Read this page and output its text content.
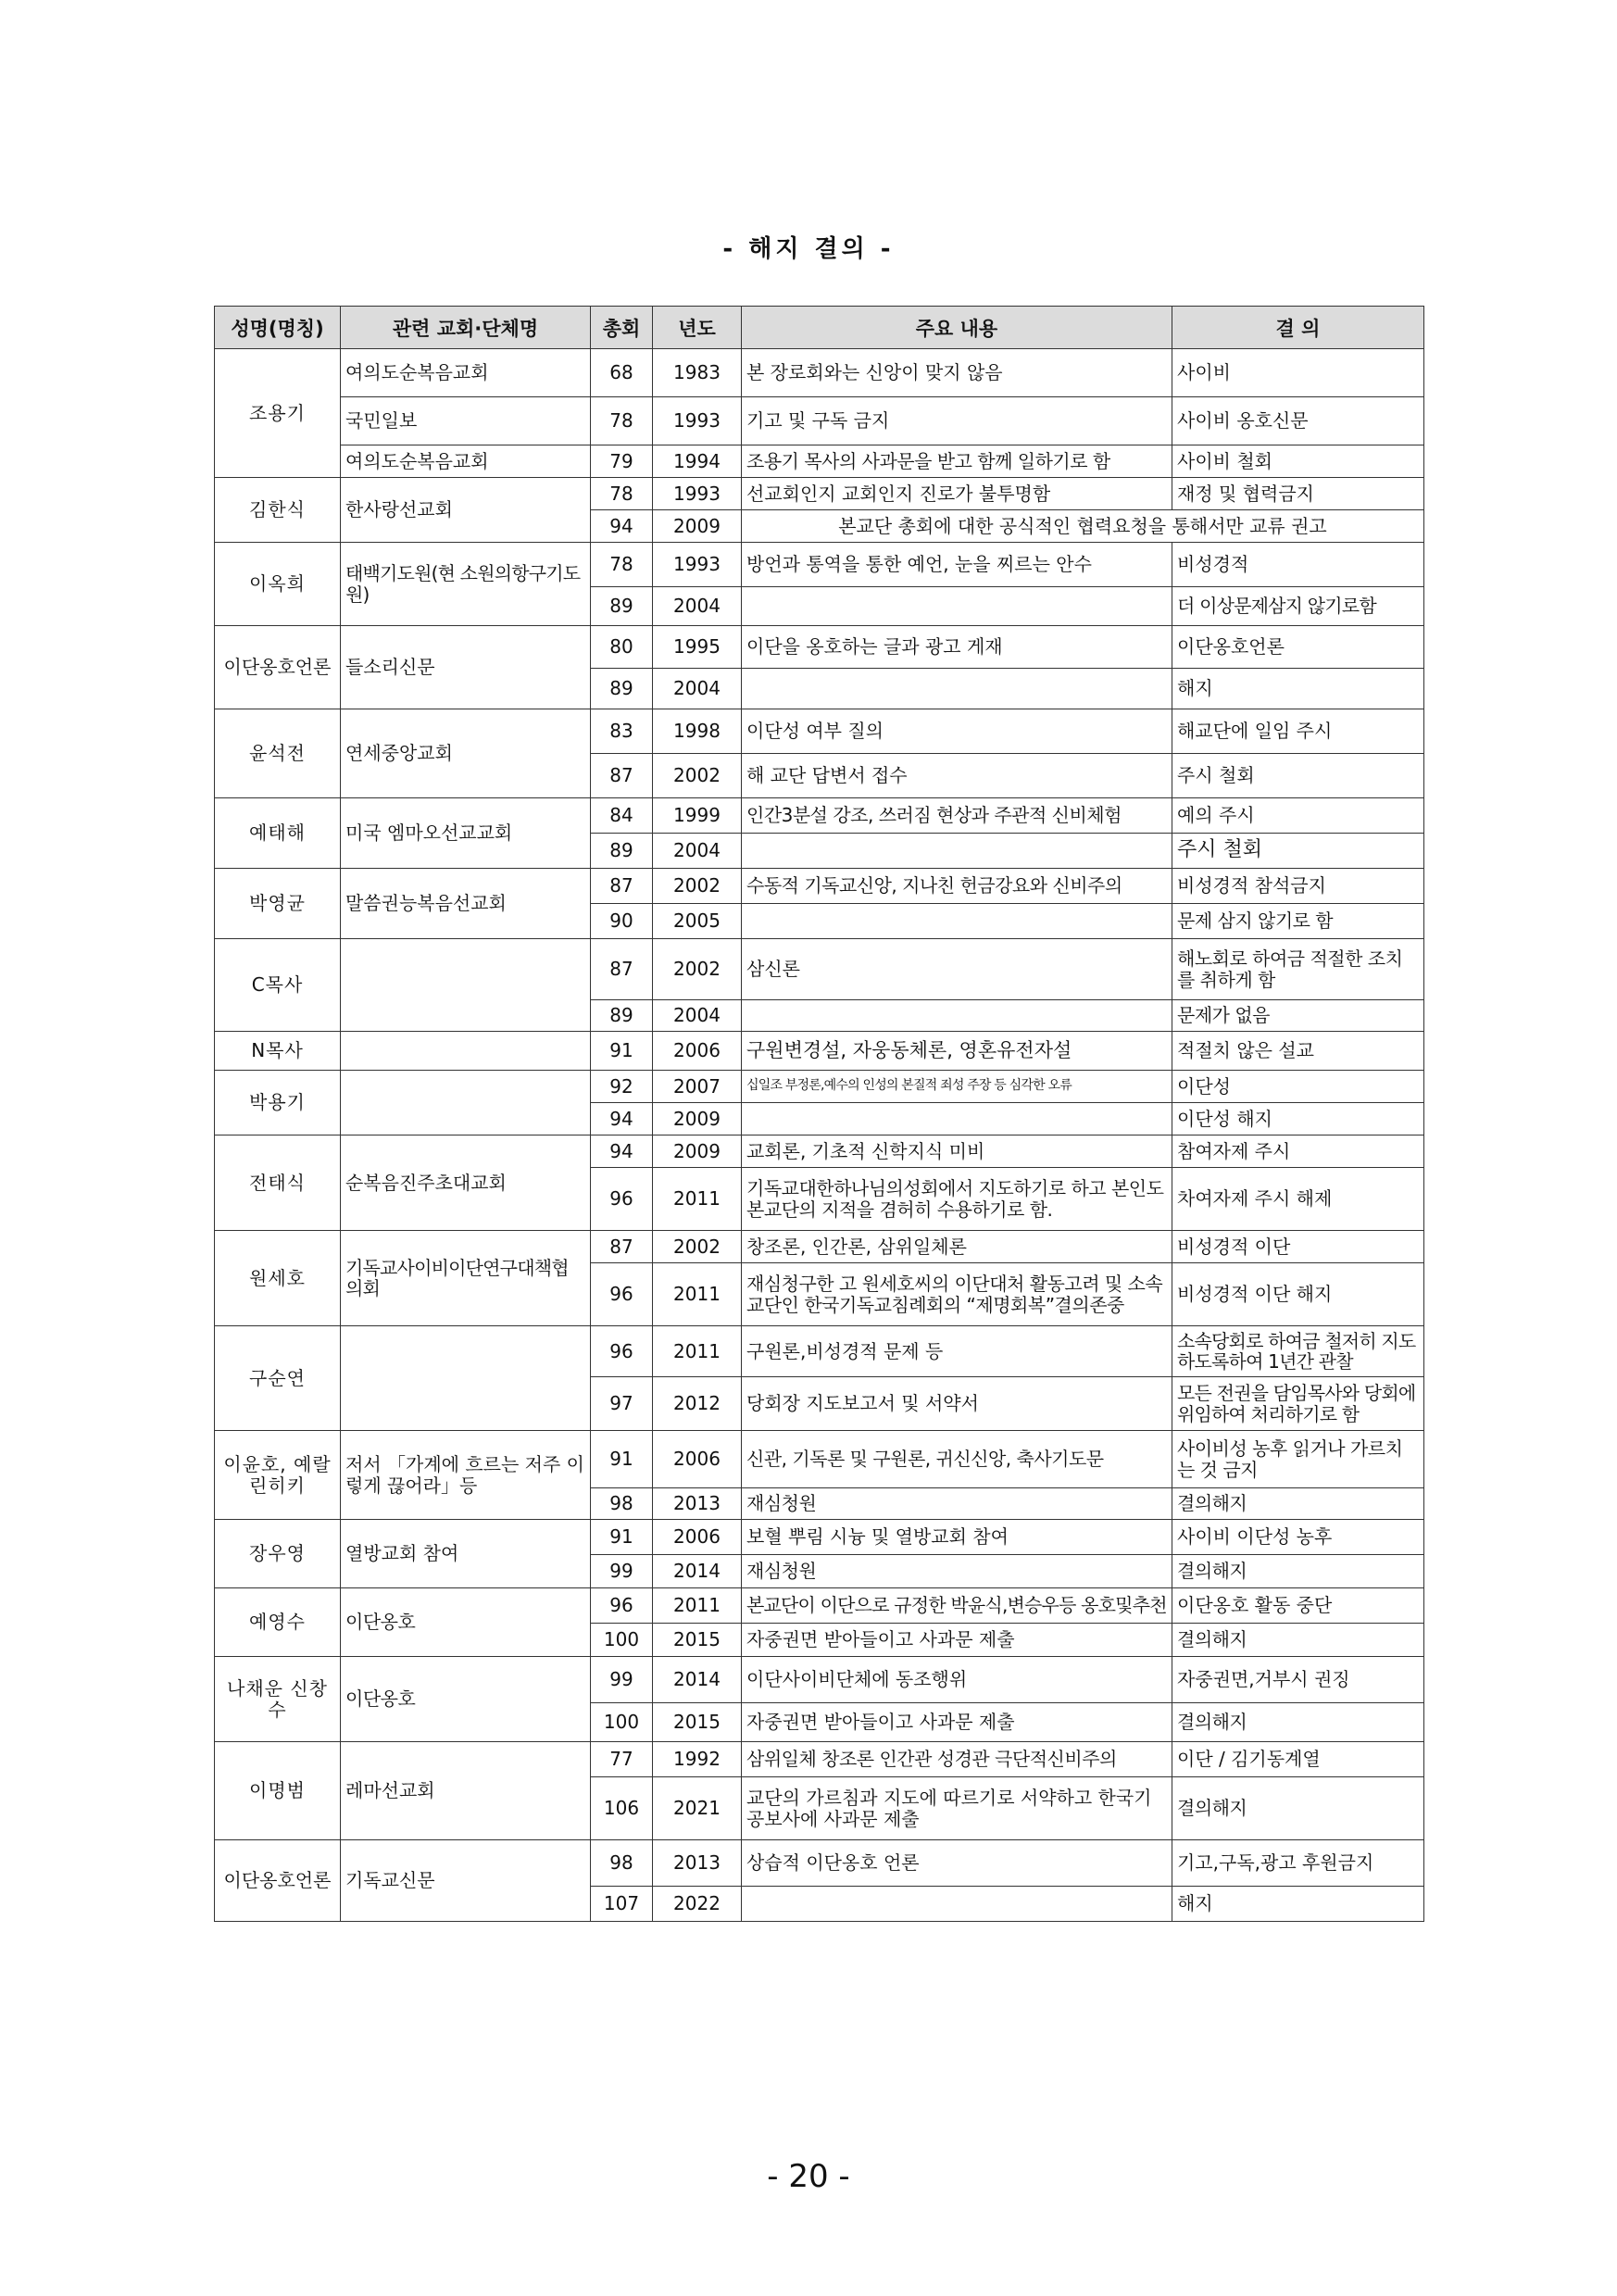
- 해지 결의 -
성명(명칭)	관련 교회·단체명	총회	년도	주요 내용	결 의
조용기	여의도순복음교회	68	1983	본 장로회와는 신앙이 맞지 않음	사이비
	국민일보	78	1993	기고 및 구독 금지	사이비 옹호신문
	여의도순복음교회	79	1994	조용기 목사의 사과문을 받고 함께 일하기로 함	사이비 철회
김한식	한사랑선교회	78	1993	선교회인지 교회인지 진로가 불투명함	재정 및 협력금지
		94	2009	본교단 총회에 대한 공식적인 협력요청을 통해서만 교류 권고	
이옥희	태백기도원(현 소원의항구기도원)	78	1993	방언과 통역을 통한 예언, 눈을 찌르는 안수	비성경적
		89	2004		더 이상문제삼지 않기로함
이단옹호언론	들소리신문	80	1995	이단을 옹호하는 글과 광고 게재	이단옹호언론
		89	2004		해지
윤석전	연세중앙교회	83	1998	이단성 여부 질의	해교단에 일임 주시
		87	2002	해 교단 답변서 접수	주시 철회
예태해	미국 엠마오선교교회	84	1999	인간3분설 강조, 쓰러짐 현상과 주관적 신비체험	예의 주시
		89	2004		주시 철회
박영균	말씀권능복음선교회	87	2002	수동적 기독교신앙, 지나친 헌금강요와 신비주의	비성경적 참석금지
		90	2005		문제 삼지 않기로 함
C목사		87	2002	삼신론	해노회로 하여금 적절한 조치를 취하게 함
		89	2004		문제가 없음
N목사		91	2006	구원변경설, 자웅동체론, 영혼유전자설	적절치 않은 설교
박용기		92	2007	십일조 부정론,예수의 인성의 본질적 죄성 주장 등 심각한 오류	이단성
		94	2009		이단성 해지
전태식	순복음진주초대교회	94	2009	교회론, 기초적 신학지식 미비	참여자제 주시
		96	2011	기독교대한하나님의성회에서 지도하기로 하고 본인도 본교단의 지적을 겸허히 수용하기로 함.	차여자제 주시 해제
원세호	기독교사이비이단연구대책협의회	87	2002	창조론, 인간론, 삼위일체론	비성경적 이단
		96	2011	재심청구한 고 원세호씨의 이단대처 활동고려 및 소속교단인 한국기독교침례회의 “제명회복”결의존중	비성경적 이단 해지
구순연		96	2011	구원론,비성경적 문제 등	소속당회로 하여금 철저히 지도하도록하여 1년간 관찰
		97	2012	당회장 지도보고서 및 서약서	모든 전권을 담임목사와 당회에 위임하여 처리하기로 함
이윤호, 예랄린히키	저서 「가계에 흐르는 저주 이렇게 끊어라」등	91	2006	신관, 기독론 및 구원론, 귀신신앙, 축사기도문	사이비성 농후 읽거나 가르치는 것 금지
		98	2013	재심청원	결의해지
장우영	열방교회 참여	91	2006	보혈 뿌림 시늉 및 열방교회 참여	사이비 이단성 농후
		99	2014	재심청원	결의해지
예영수	이단옹호	96	2011	본교단이 이단으로 규정한 박윤식,변승우등 옹호및추천	이단옹호 활동 중단
		100	2015	자중권면 받아들이고 사과문 제출	결의해지
나채운 신창수	이단옹호	99	2014	이단사이비단체에 동조행위	자중권면,거부시 권징
		100	2015	자중권면 받아들이고 사과문 제출	결의해지
이명범	레마선교회	77	1992	삼위일체 창조론 인간관 성경관 극단적신비주의	이단 / 김기동계열
		106	2021	교단의 가르침과 지도에 따르기로 서약하고 한국기공보사에 사과문 제출	결의해지
이단옹호언론	기독교신문	98	2013	상습적 이단옹호 언론	기고,구독,광고 후원금지
		107	2022		해지
- 20 -
